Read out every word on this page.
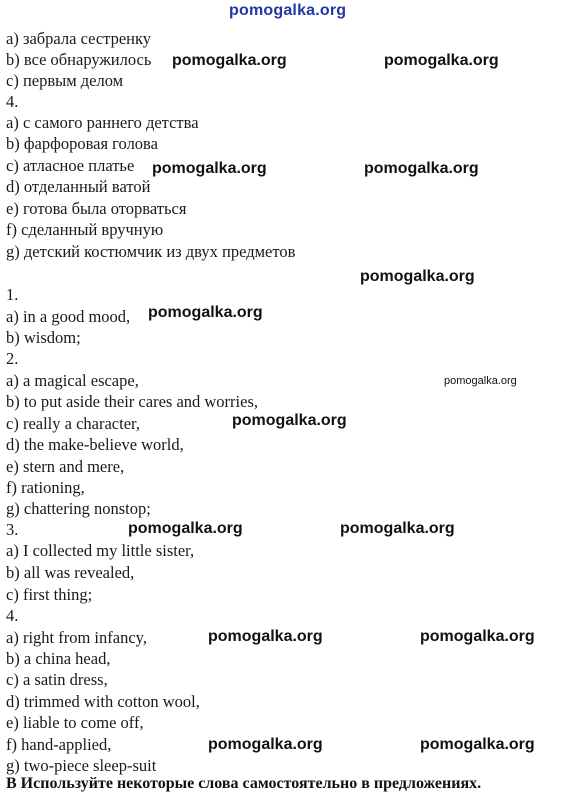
pomogalka.org
a) забрала сестренку
b) все обнаружилось
c) первым делом
4.
a) с самого раннего детства
b) фарфоровая голова
c) атласное платье
d) отделанный ватой
e) готова была оторваться
f) сделанный вручную
g) детский костюмчик из двух предметов
1.
a) in a good mood,
b) wisdom;
2.
a) a magical escape,
b) to put aside their cares and worries,
c) really a character,
d) the make-believe world,
e) stern and mere,
f) rationing,
g) chattering nonstop;
3.
a) I collected my little sister,
b) all was revealed,
c) first thing;
4.
a) right from infancy,
b) a china head,
c) a satin dress,
d) trimmed with cotton wool,
e) liable to come off,
f) hand-applied,
g) two-piece sleep-suit
В Используйте некоторые слова самостоятельно в предложениях.
pomogalka.org	pomogalka.org
pomogalka.org	pomogalka.org
pomogalka.org
pomogalka.org
pomogalka.org
pomogalka.org
pomogalka.org	pomogalka.org
pomogalka.org	pomogalka.org
pomogalka.org	pomogalka.org
